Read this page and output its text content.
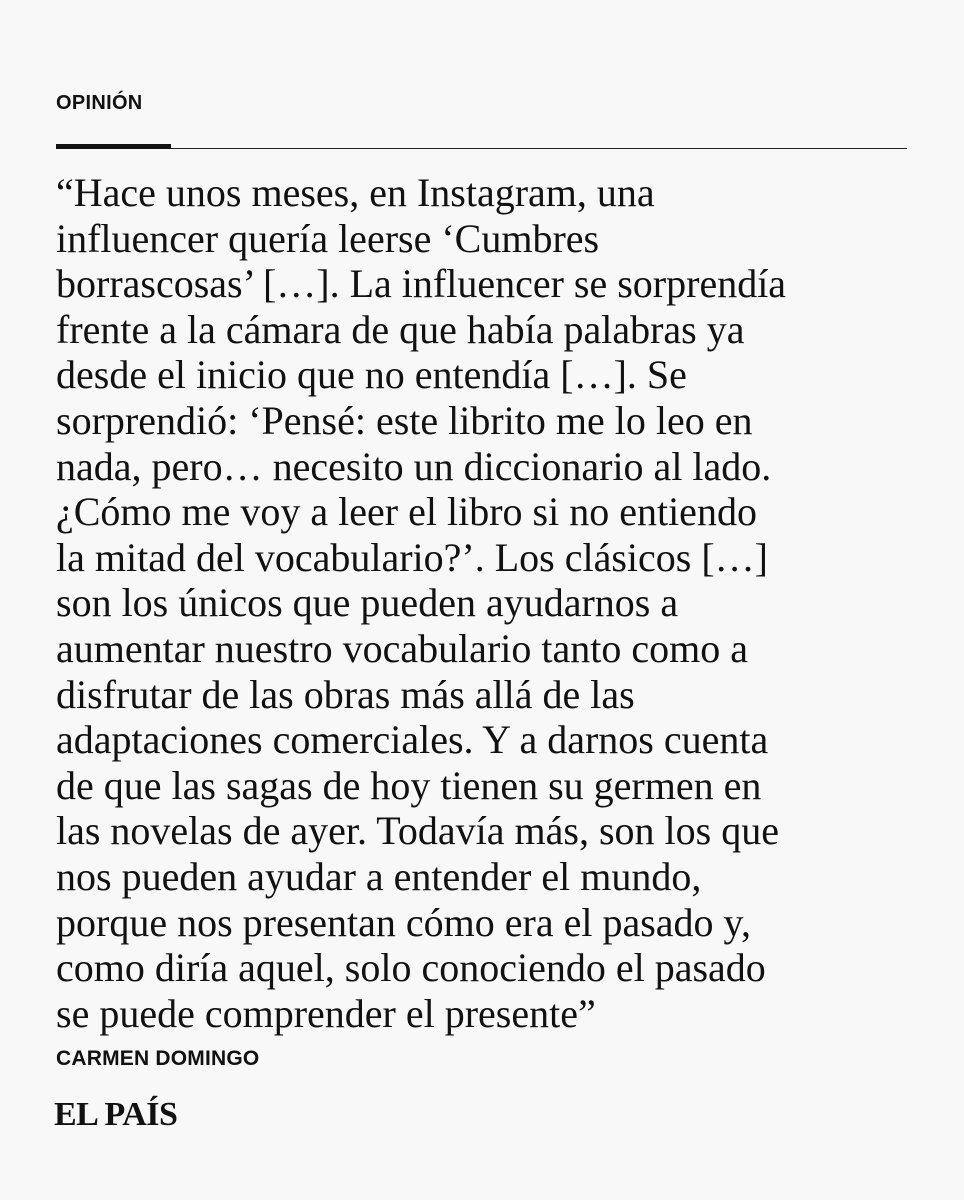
OPINIÓN

“Hace unos meses, en Instagram, una
influencer quería leerse ‘Cumbres
borrascosas’ […]. La influencer se sorprendía
frente a la cámara de que había palabras ya
desde el inicio que no entendía […]. Se
sorprendió: ‘Pensé: este librito me lo leo en
nada, pero… necesito un diccionario al lado.
¿Cómo me voy a leer el libro si no entiendo
la mitad del vocabulario?’. Los clásicos […]
son los únicos que pueden ayudarnos a
aumentar nuestro vocabulario tanto como a
disfrutar de las obras más allá de las
adaptaciones comerciales. Y a darnos cuenta
de que las sagas de hoy tienen su germen en
las novelas de ayer. Todavía más, son los que
nos pueden ayudar a entender el mundo,
porque nos presentan cómo era el pasado y,
como diría aquel, solo conociendo el pasado
se puede comprender el presente”

CARMEN DOMINGO
EL PAÍS
